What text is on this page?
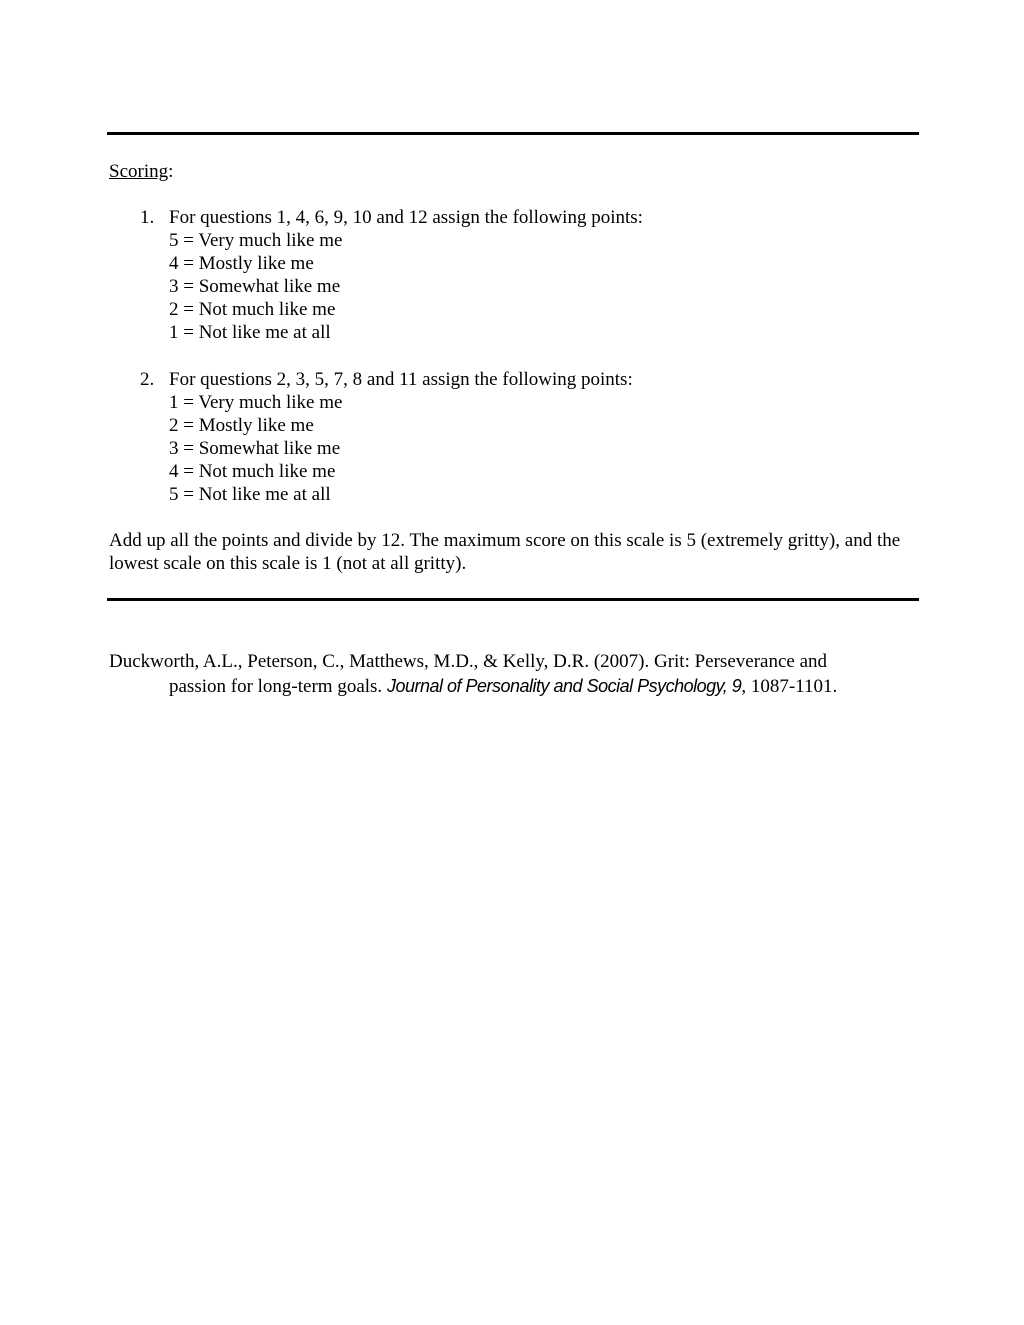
Scoring:
1. For questions 1, 4, 6, 9, 10 and 12 assign the following points:
5 = Very much like me
4 = Mostly like me
3 = Somewhat like me
2 = Not much like me
1 = Not like me at all
2. For questions 2, 3, 5, 7, 8 and 11 assign the following points:
1 = Very much like me
2 = Mostly like me
3 = Somewhat like me
4 = Not much like me
5 = Not like me at all
Add up all the points and divide by 12. The maximum score on this scale is 5 (extremely gritty), and the lowest scale on this scale is 1 (not at all gritty).
Duckworth, A.L., Peterson, C., Matthews, M.D., & Kelly, D.R. (2007). Grit: Perseverance and
passion for long-term goals. Journal of Personality and Social Psychology, 9, 1087-1101.
